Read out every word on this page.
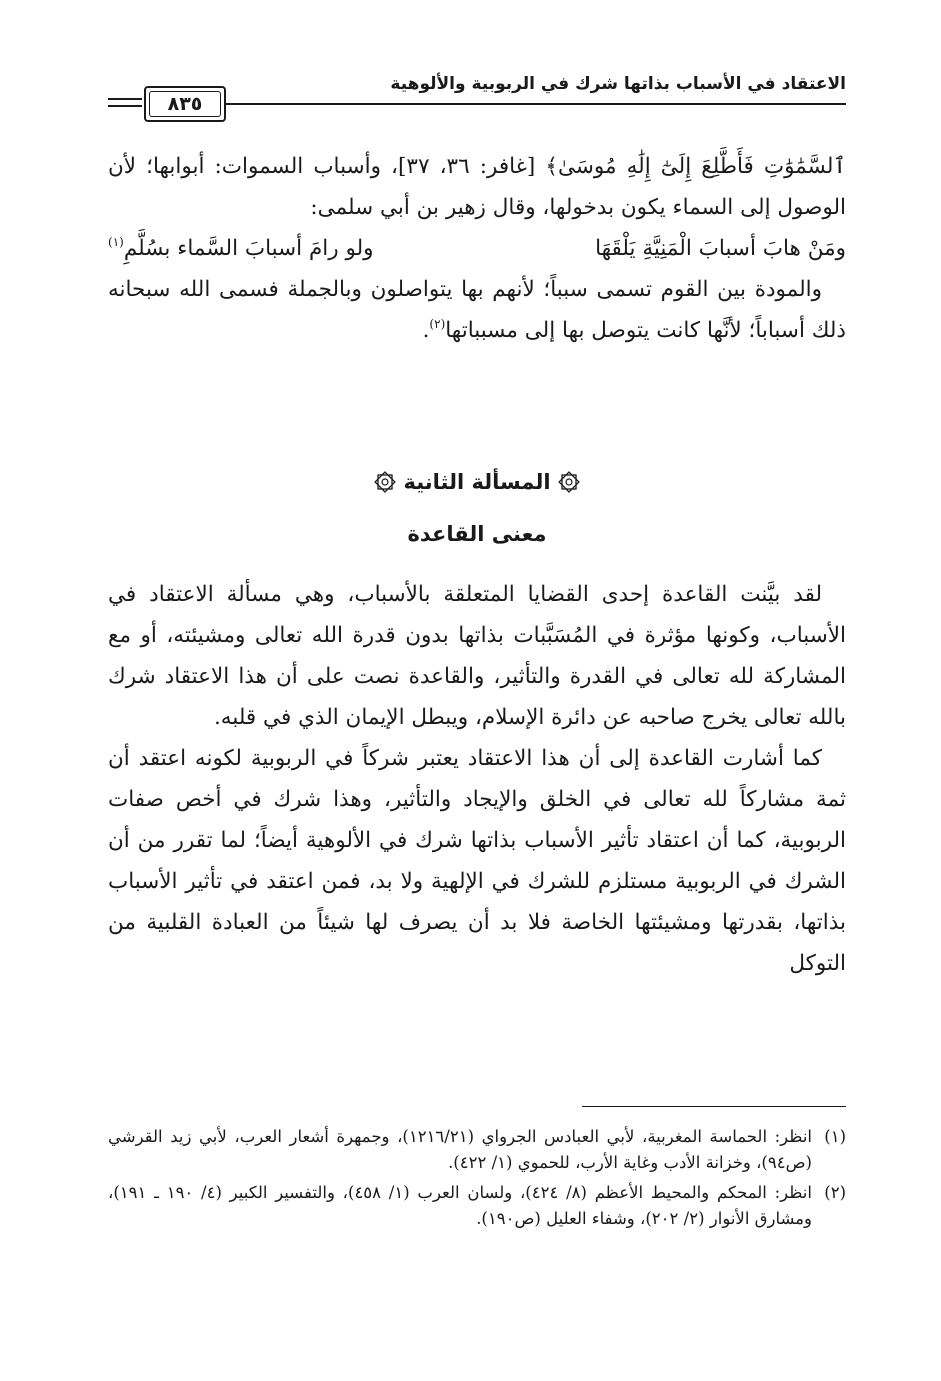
الاعتقاد في الأسباب بذاتها شرك في الربوبية والألوهية
٨٣٥

ٱلسَّمَٰوَٰتِ فَأَطَّلِعَ إِلَىٰٓ إِلَٰهِ مُوسَىٰ﴾ [غافر: ٣٦، ٣٧]، وأسباب السموات: أبوابها؛ لأن الوصول إلى السماء يكون بدخولها، وقال زهير بن أبي سلمى:

ومَنْ هابَ أسبابَ الْمَنِيَّةِ يَلْقَهَا
ولو رامَ أسبابَ السَّماء بسُلَّمِ$^{(١)}$

والمودة بين القوم تسمى سبباً؛ لأنهم بها يتواصلون وبالجملة فسمى الله سبحانه ذلك أسباباً؛ لأنَّها كانت يتوصل بها إلى مسبباتها$^{(٢)}$.

المسألة الثانية
معنى القاعدة

لقد بيَّنت القاعدة إحدى القضايا المتعلقة بالأسباب، وهي مسألة الاعتقاد في الأسباب، وكونها مؤثرة في المُسَبَّبات بذاتها بدون قدرة الله تعالى ومشيئته، أو مع المشاركة لله تعالى في القدرة والتأثير، والقاعدة نصت على أن هذا الاعتقاد شرك بالله تعالى يخرج صاحبه عن دائرة الإسلام، ويبطل الإيمان الذي في قلبه.

كما أشارت القاعدة إلى أن هذا الاعتقاد يعتبر شركاً في الربوبية لكونه اعتقد أن ثمة مشاركاً لله تعالى في الخلق والإيجاد والتأثير، وهذا شرك في أخص صفات الربوبية، كما أن اعتقاد تأثير الأسباب بذاتها شرك في الألوهية أيضاً؛ لما تقرر من أن الشرك في الربوبية مستلزم للشرك في الإلهية ولا بد، فمن اعتقد في تأثير الأسباب بذاتها، بقدرتها ومشيئتها الخاصة فلا بد أن يصرف لها شيئاً من العبادة القلبية من التوكل

(١)
انظر: الحماسة المغربية، لأبي العبادس الجرواي (١٢١٦/٢١)، وجمهرة أشعار العرب، لأبي زيد القرشي (ص٩٤)، وخزانة الأدب وغاية الأرب، للحموي (١/ ٤٢٢).
(٢)
انظر: المحكم والمحيط الأعظم (٨/ ٤٢٤)، ولسان العرب (١/ ٤٥٨)، والتفسير الكبير (٤/ ١٩٠ ـ ١٩١)، ومشارق الأنوار (٢/ ٢٠٢)، وشفاء العليل (ص١٩٠).
